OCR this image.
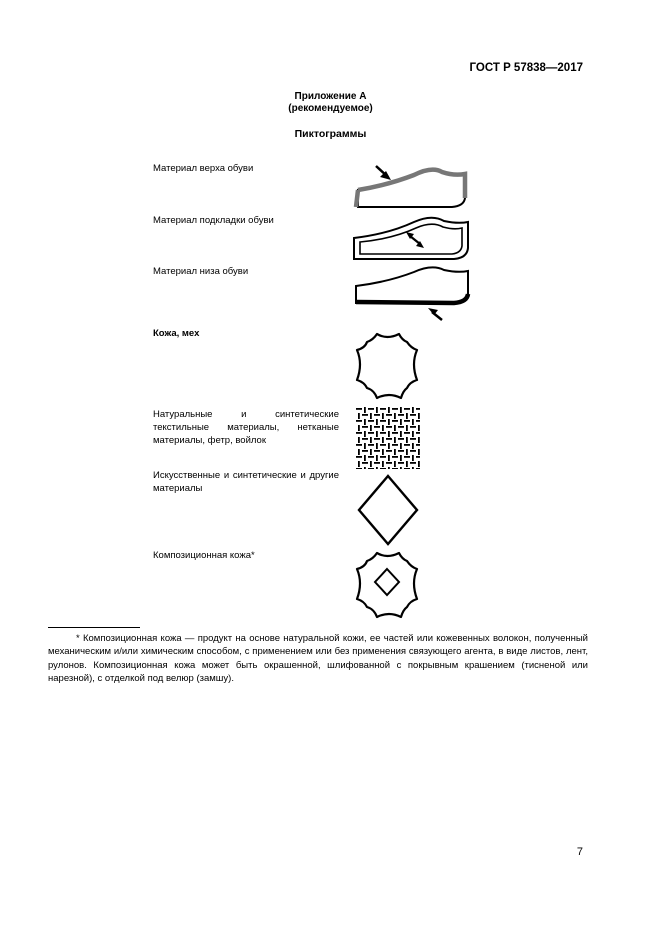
ГОСТ Р 57838—2017
Приложение А
(рекомендуемое)
Пиктограммы
Материал верха обуви
Материал подкладки обуви
Материал низа обуви
Кожа, мех
Натуральные и синтетические текстильные материалы, нетканые материалы, фетр, войлок
Искусственные и синтетические и другие материалы
Композиционная кожа*
* Композиционная кожа — продукт на основе натуральной кожи, ее частей или кожевенных волокон, полученный механическим и/или химическим способом, с применением или без применения связующего агента, в виде листов, лент, рулонов. Композиционная кожа может быть окрашенной, шлифованной с покрывным крашением (тисненой или нарезной), с отделкой под велюр (замшу).
7
